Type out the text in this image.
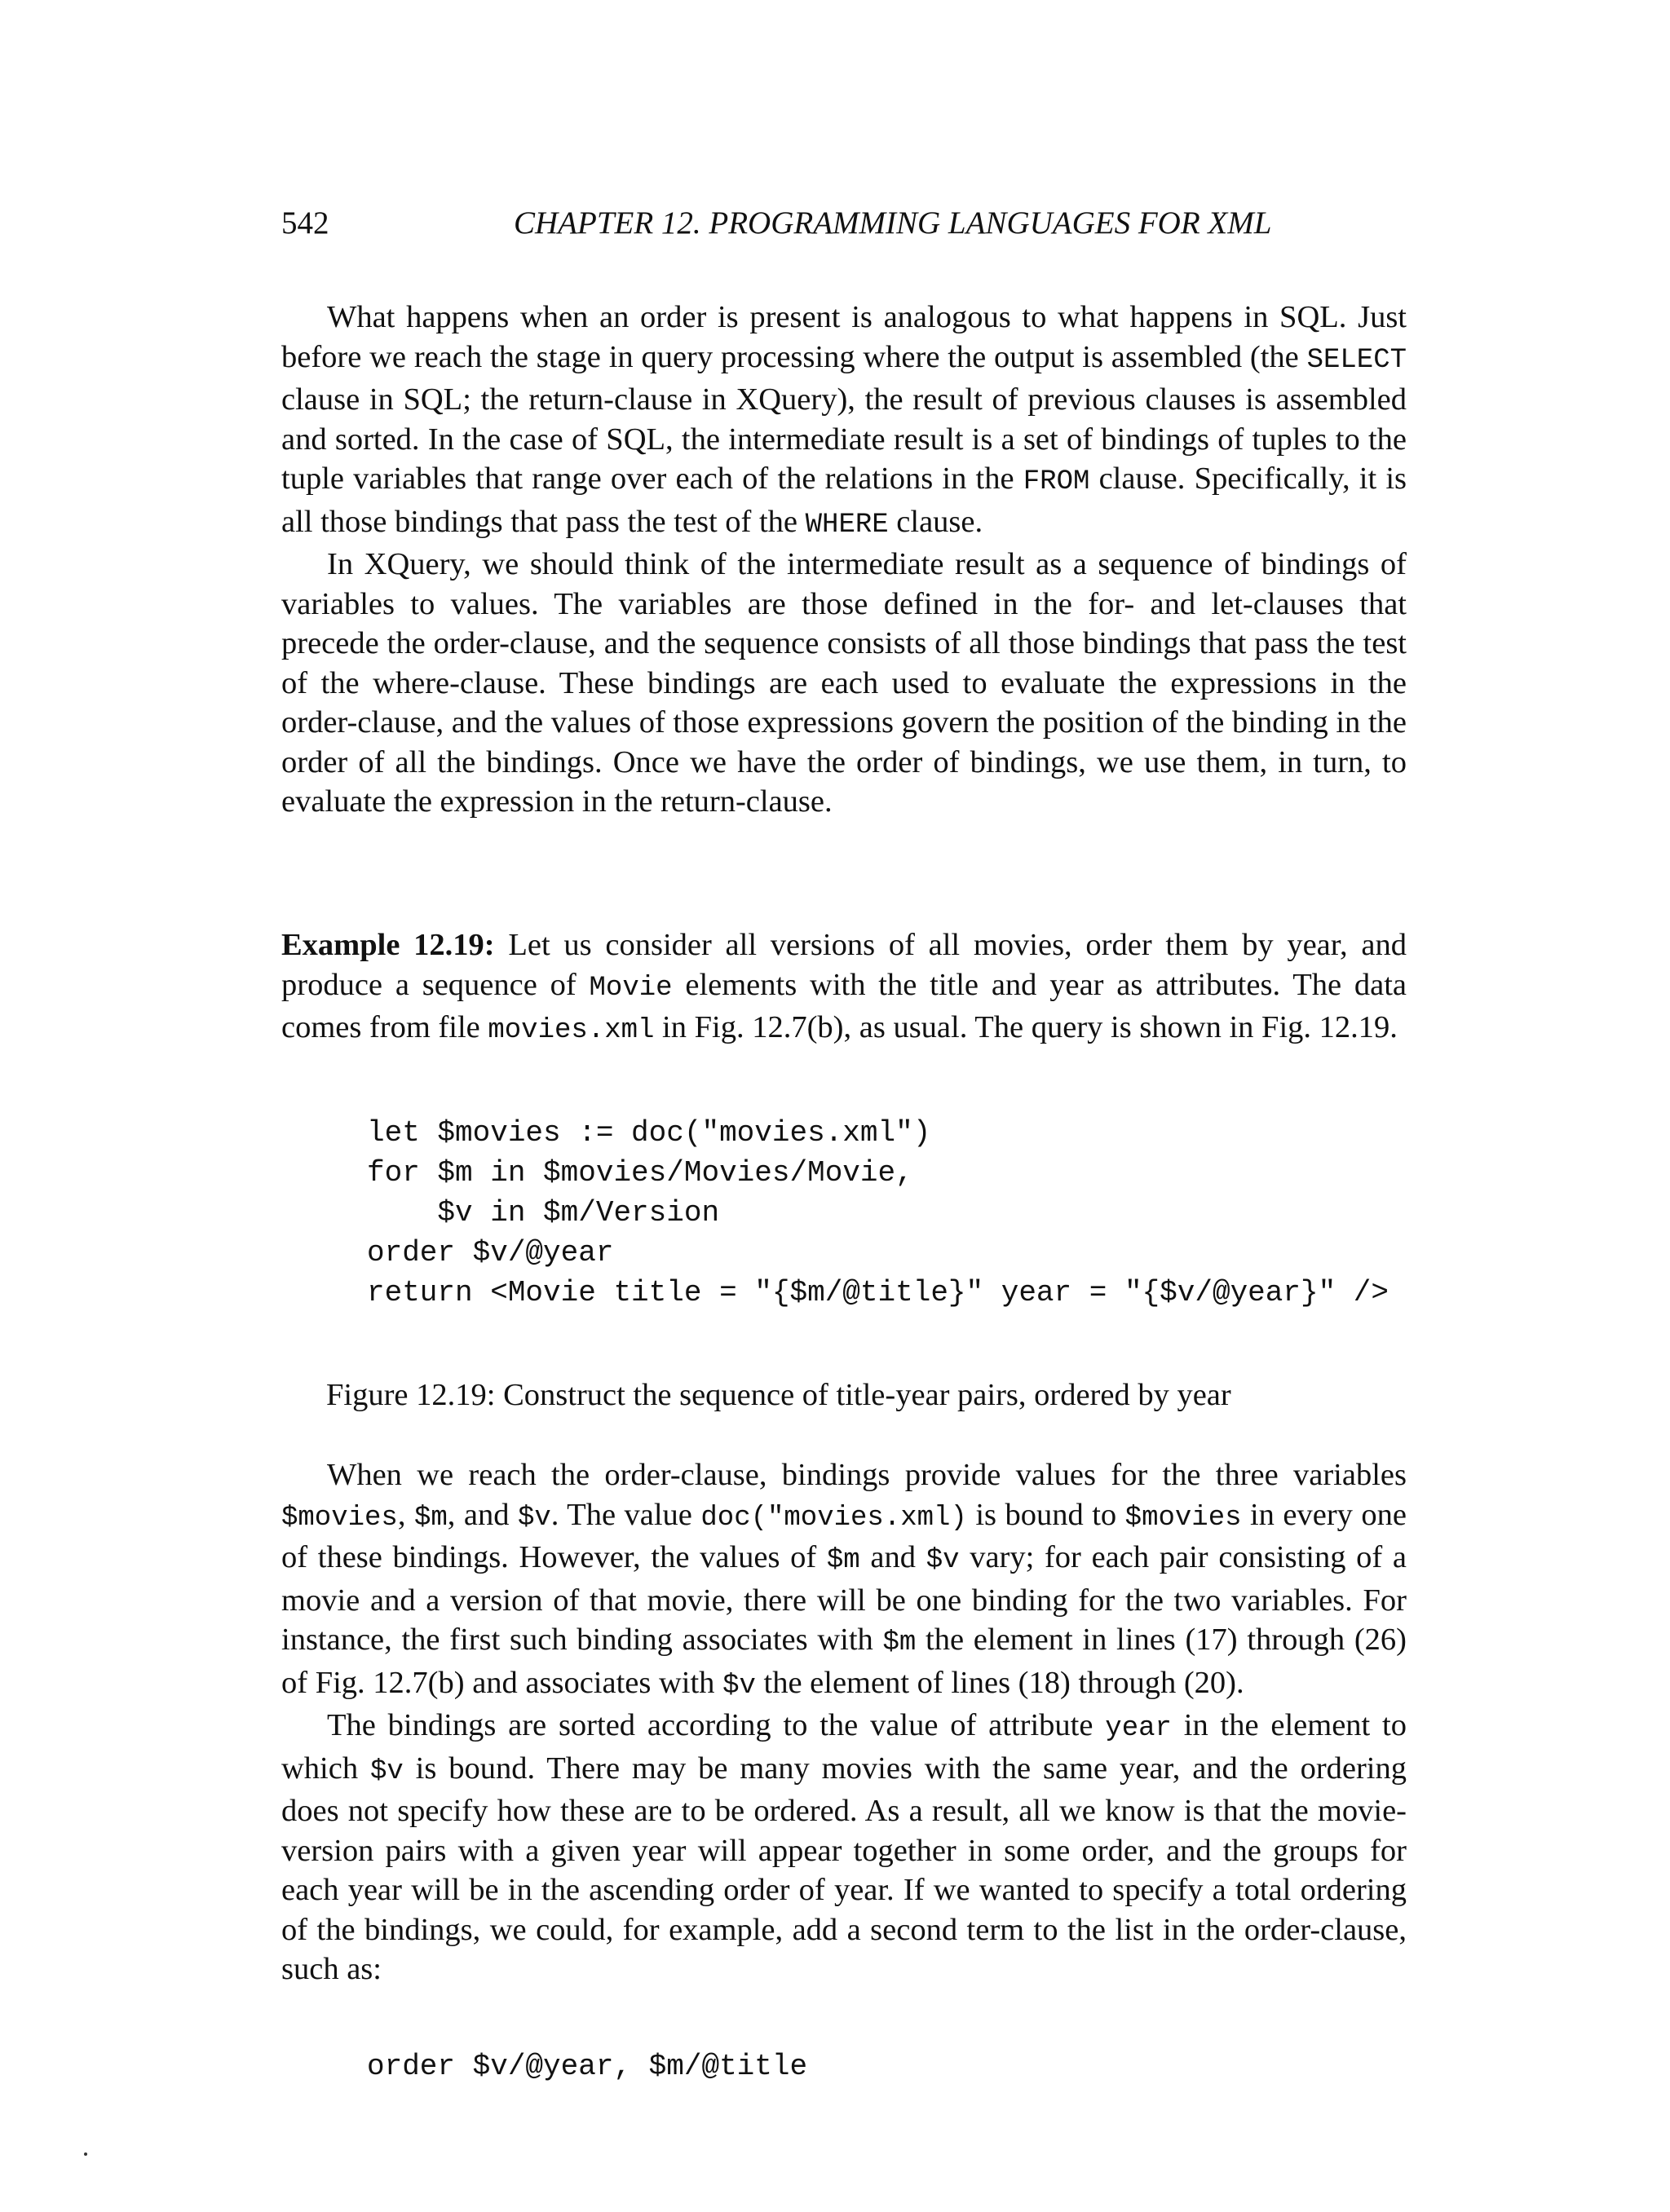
542	CHAPTER 12. PROGRAMMING LANGUAGES FOR XML

What happens when an order is present is analogous to what happens in SQL. Just before we reach the stage in query processing where the output is assembled (the SELECT clause in SQL; the return-clause in XQuery), the result of previous clauses is assembled and sorted. In the case of SQL, the intermediate result is a set of bindings of tuples to the tuple variables that range over each of the relations in the FROM clause. Specifically, it is all those bindings that pass the test of the WHERE clause.

In XQuery, we should think of the intermediate result as a sequence of bindings of variables to values. The variables are those defined in the for- and let-clauses that precede the order-clause, and the sequence consists of all those bindings that pass the test of the where-clause. These bindings are each used to evaluate the expressions in the order-clause, and the values of those expressions govern the position of the binding in the order of all the bindings. Once we have the order of bindings, we use them, in turn, to evaluate the expression in the return-clause.

Example 12.19: Let us consider all versions of all movies, order them by year, and produce a sequence of Movie elements with the title and year as attributes. The data comes from file movies.xml in Fig. 12.7(b), as usual. The query is shown in Fig. 12.19.

let $movies := doc("movies.xml")
for $m in $movies/Movies/Movie,
$v in $m/Version
order $v/@year
return <Movie title = "{$m/@title}" year = "{$v/@year}" />
Figure 12.19: Construct the sequence of title-year pairs, ordered by year

When we reach the order-clause, bindings provide values for the three variables $movies, $m, and $v. The value doc("movies.xml) is bound to $movies in every one of these bindings. However, the values of $m and $v vary; for each pair consisting of a movie and a version of that movie, there will be one binding for the two variables. For instance, the first such binding associates with $m the element in lines (17) through (26) of Fig. 12.7(b) and associates with $v the element of lines (18) through (20).

The bindings are sorted according to the value of attribute year in the element to which $v is bound. There may be many movies with the same year, and the ordering does not specify how these are to be ordered. As a result, all we know is that the movie-version pairs with a given year will appear together in some order, and the groups for each year will be in the ascending order of year. If we wanted to specify a total ordering of the bindings, we could, for example, add a second term to the list in the order-clause, such as:

order $v/@year, $m/@title
